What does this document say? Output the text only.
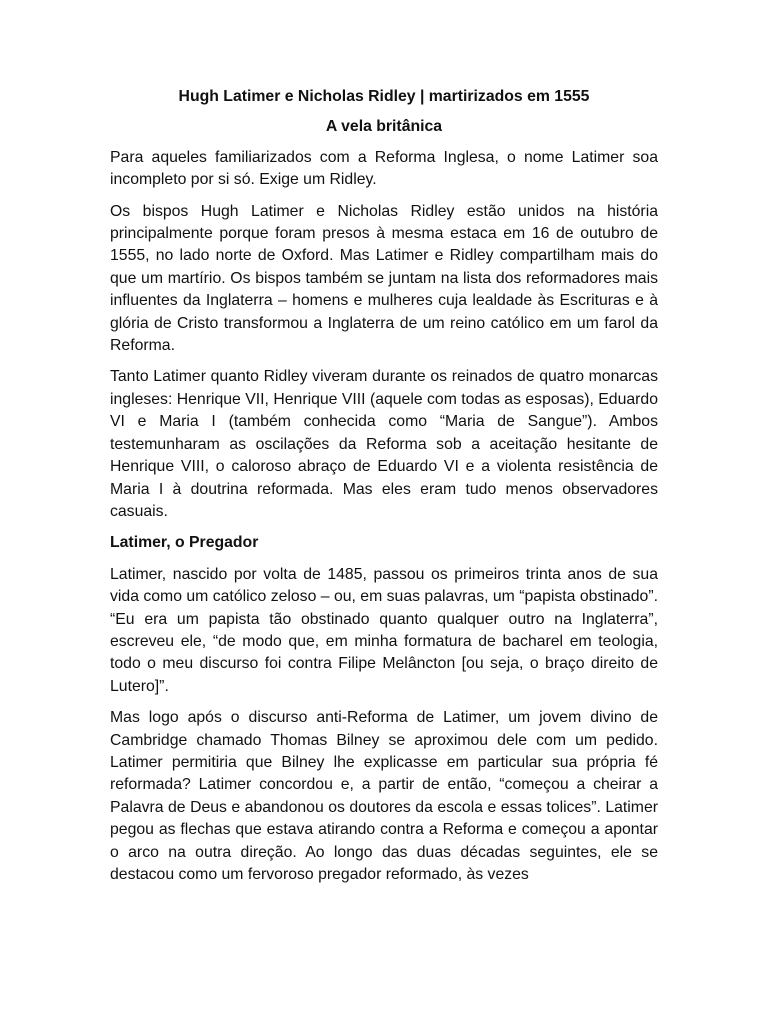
Hugh Latimer e Nicholas Ridley | martirizados em 1555
A vela britânica

Para aqueles familiarizados com a Reforma Inglesa, o nome Latimer soa incompleto por si só. Exige um Ridley.

Os bispos Hugh Latimer e Nicholas Ridley estão unidos na história principalmente porque foram presos à mesma estaca em 16 de outubro de 1555, no lado norte de Oxford. Mas Latimer e Ridley compartilham mais do que um martírio. Os bispos também se juntam na lista dos reformadores mais influentes da Inglaterra – homens e mulheres cuja lealdade às Escrituras e à glória de Cristo transformou a Inglaterra de um reino católico em um farol da Reforma.

Tanto Latimer quanto Ridley viveram durante os reinados de quatro monarcas ingleses: Henrique VII, Henrique VIII (aquele com todas as esposas), Eduardo VI e Maria I (também conhecida como “Maria de Sangue”). Ambos testemunharam as oscilações da Reforma sob a aceitação hesitante de Henrique VIII, o caloroso abraço de Eduardo VI e a violenta resistência de Maria I à doutrina reformada. Mas eles eram tudo menos observadores casuais.

Latimer, o Pregador

Latimer, nascido por volta de 1485, passou os primeiros trinta anos de sua vida como um católico zeloso – ou, em suas palavras, um “papista obstinado”. “Eu era um papista tão obstinado quanto qualquer outro na Inglaterra”, escreveu ele, “de modo que, em minha formatura de bacharel em teologia, todo o meu discurso foi contra Filipe Melâncton [ou seja, o braço direito de Lutero]”.

Mas logo após o discurso anti-Reforma de Latimer, um jovem divino de Cambridge chamado Thomas Bilney se aproximou dele com um pedido. Latimer permitiria que Bilney lhe explicasse em particular sua própria fé reformada? Latimer concordou e, a partir de então, “começou a cheirar a Palavra de Deus e abandonou os doutores da escola e essas tolices”. Latimer pegou as flechas que estava atirando contra a Reforma e começou a apontar o arco na outra direção. Ao longo das duas décadas seguintes, ele se destacou como um fervoroso pregador reformado, às vezes
